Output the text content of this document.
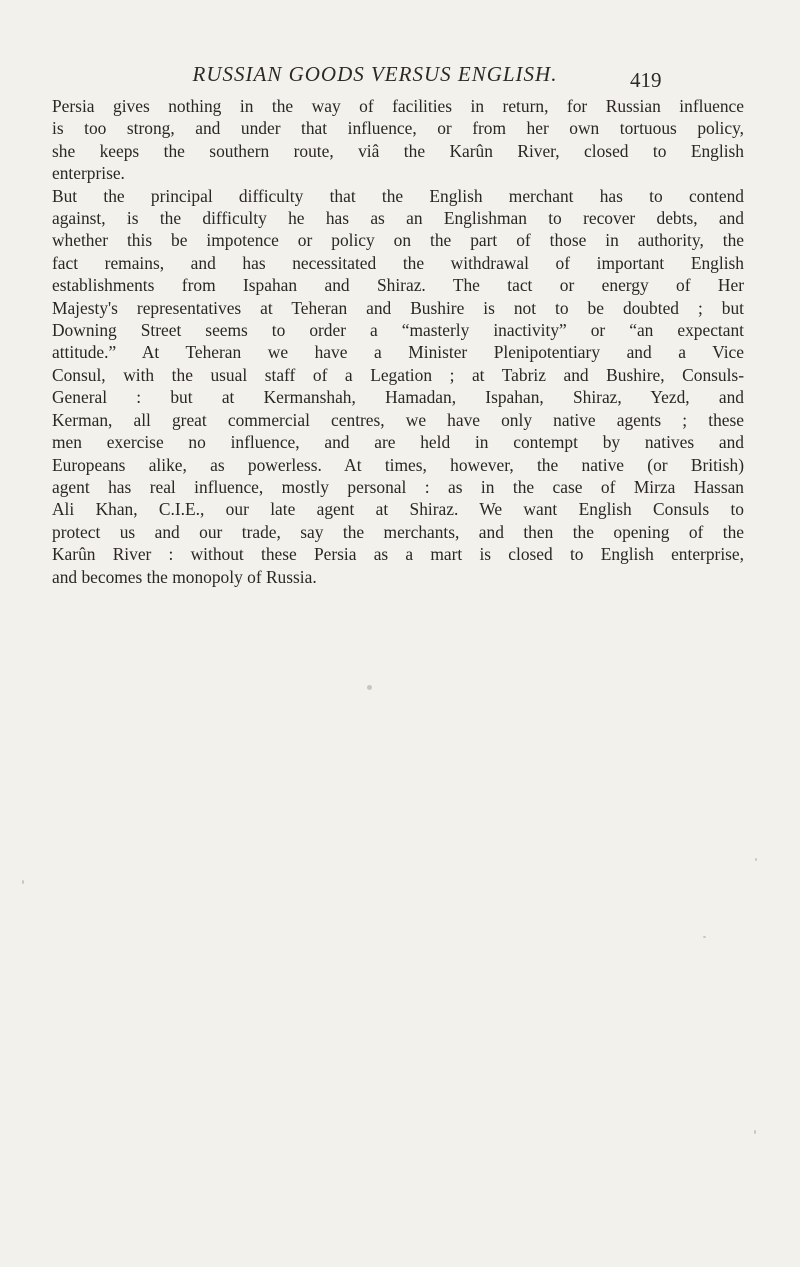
RUSSIAN GOODS VERSUS ENGLISH.	419
Persia gives nothing in the way of facilities in return, for Russian influence
is too strong, and under that influence, or from her own tortuous policy,
she keeps the southern route, viâ the Karûn River, closed to English
enterprise.
But the principal difficulty that the English merchant has to contend
against, is the difficulty he has as an Englishman to recover debts, and
whether this be impotence or policy on the part of those in authority, the
fact remains, and has necessitated the withdrawal of important English
establishments from Ispahan and Shiraz. The tact or energy of Her
Majesty's representatives at Teheran and Bushire is not to be doubted ; but
Downing Street seems to order a “masterly inactivity” or “an expectant
attitude.” At Teheran we have a Minister Plenipotentiary and a Vice
Consul, with the usual staff of a Legation ; at Tabriz and Bushire, Consuls-
General : but at Kermanshah, Hamadan, Ispahan, Shiraz, Yezd, and
Kerman, all great commercial centres, we have only native agents ; these
men exercise no influence, and are held in contempt by natives and
Europeans alike, as powerless. At times, however, the native (or British)
agent has real influence, mostly personal : as in the case of Mirza Hassan
Ali Khan, C.I.E., our late agent at Shiraz. We want English Consuls to
protect us and our trade, say the merchants, and then the opening of the
Karûn River : without these Persia as a mart is closed to English enterprise,
and becomes the monopoly of Russia.
